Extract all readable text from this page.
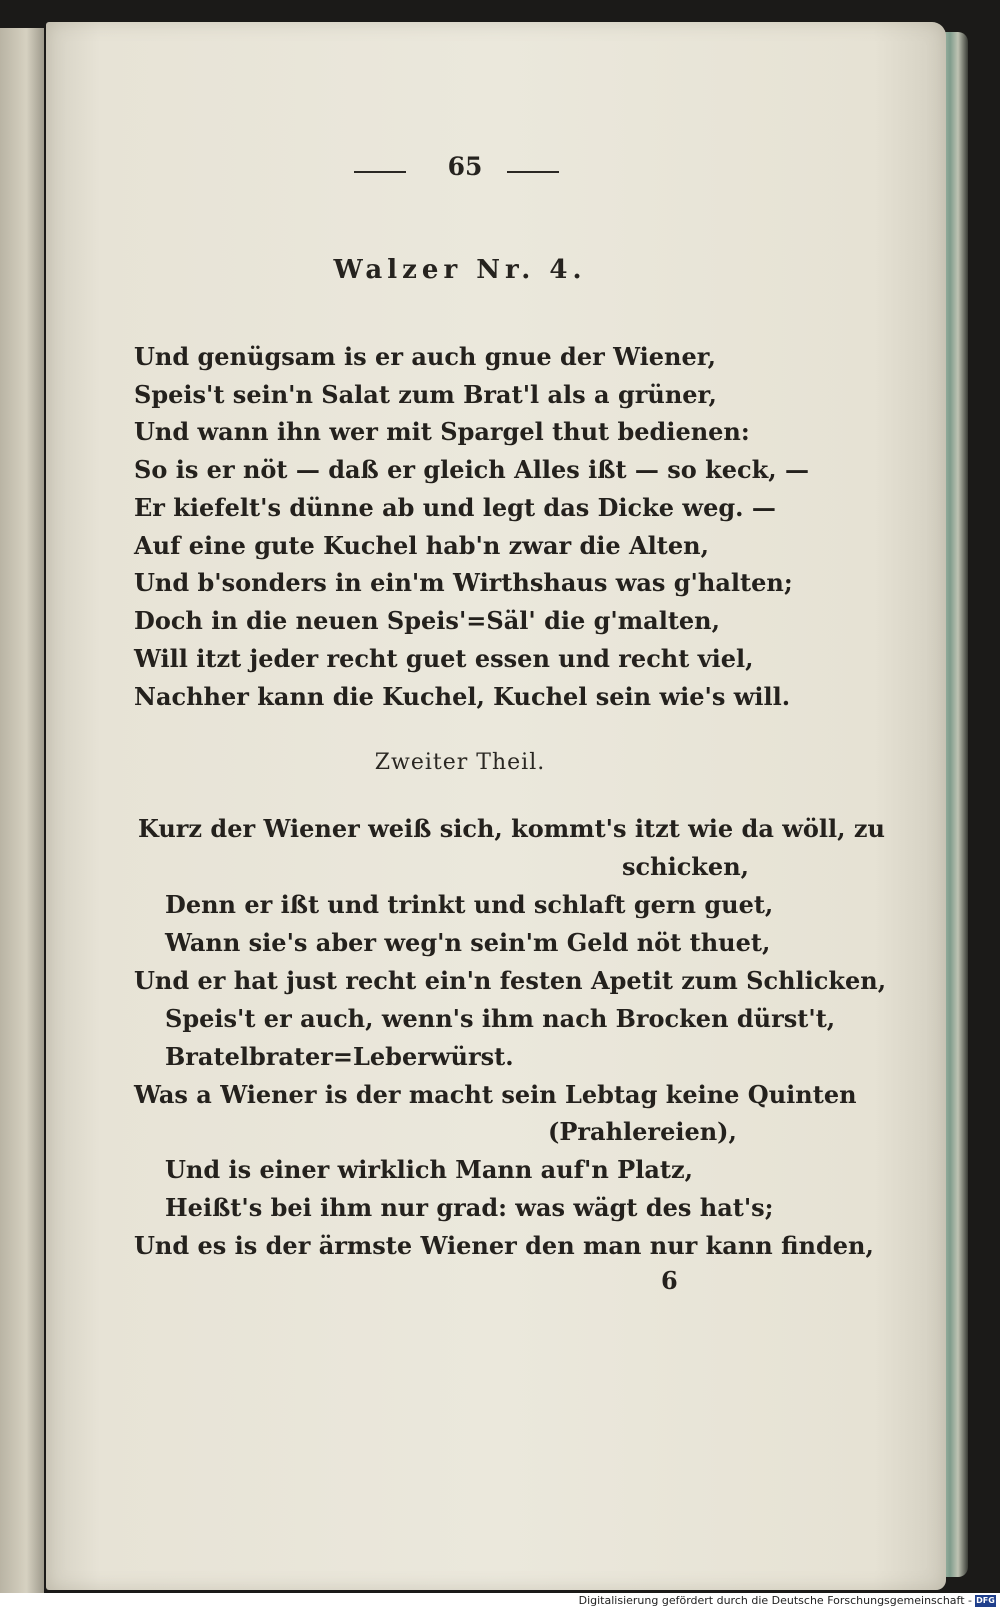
65
Walzer Nr. 4.
Und genügsam is er auch gnue der Wiener,
Speis't sein'n Salat zum Brat'l als a grüner,
Und wann ihn wer mit Spargel thut bedienen:
So is er nöt — daß er gleich Alles ißt — so keck, —
Er kiefelt's dünne ab und legt das Dicke weg. —
Auf eine gute Kuchel hab'n zwar die Alten,
Und b'sonders in ein'm Wirthshaus was g'halten;
Doch in die neuen Speis'=Säl' die g'malten,
Will itzt jeder recht guet essen und recht viel,
Nachher kann die Kuchel, Kuchel sein wie's will.
Zweiter Theil.
Kurz der Wiener weiß sich, kommt's itzt wie da wöll, zu
schicken,
Denn er ißt und trinkt und schlaft gern guet,
Wann sie's aber weg'n sein'm Geld nöt thuet,
Und er hat just recht ein'n festen Apetit zum Schlicken,
Speis't er auch, wenn's ihm nach Brocken dürst't,
Bratelbrater=Leberwürst.
Was a Wiener is der macht sein Lebtag keine Quinten
(Prahlereien),
Und is einer wirklich Mann auf'n Platz,
Heißt's bei ihm nur grad: was wägt des hat's;
Und es is der ärmste Wiener den man nur kann finden,
6
Digitalisierung gefördert durch die Deutsche Forschungsgemeinschaft - DFG
